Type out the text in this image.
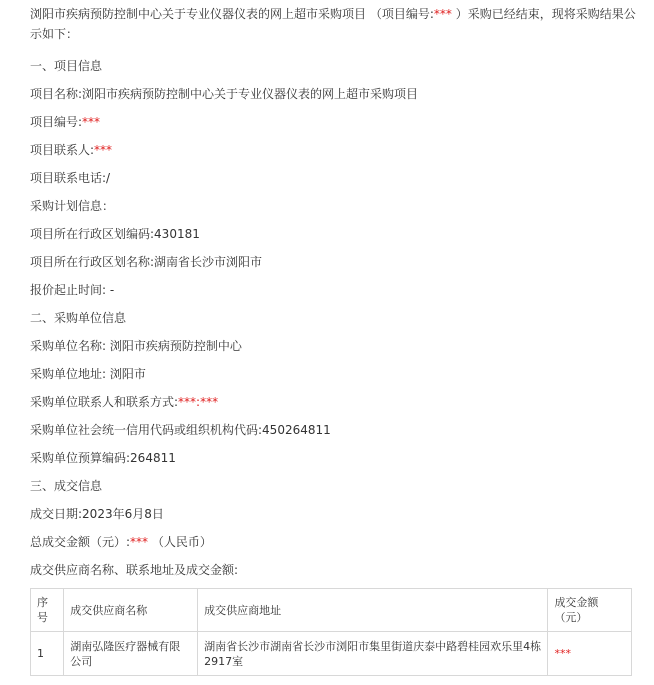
浏阳市疾病预防控制中心关于专业仪器仪表的网上超市采购项目 （项目编号:*** ）采购已经结束，现将采购结果公示如下：
一、项目信息
项目名称:浏阳市疾病预防控制中心关于专业仪器仪表的网上超市采购项目
项目编号:***
项目联系人:***
项目联系电话:/
采购计划信息：
项目所在行政区划编码:430181
项目所在行政区划名称:湖南省长沙市浏阳市
报价起止时间: -
二、采购单位信息
采购单位名称: 浏阳市疾病预防控制中心
采购单位地址: 浏阳市
采购单位联系人和联系方式:***:***
采购单位社会统一信用代码或组织机构代码:450264811
采购单位预算编码:264811
三、成交信息
成交日期:2023年6月8日
总成交金额（元）:*** （人民币）
成交供应商名称、联系地址及成交金额:
序号	成交供应商名称	成交供应商地址	成交金额（元）
1	湖南弘隆医疗器械有限公司	湖南省长沙市湖南省长沙市浏阳市集里街道庆泰中路碧桂园欢乐里4栋2917室	***
